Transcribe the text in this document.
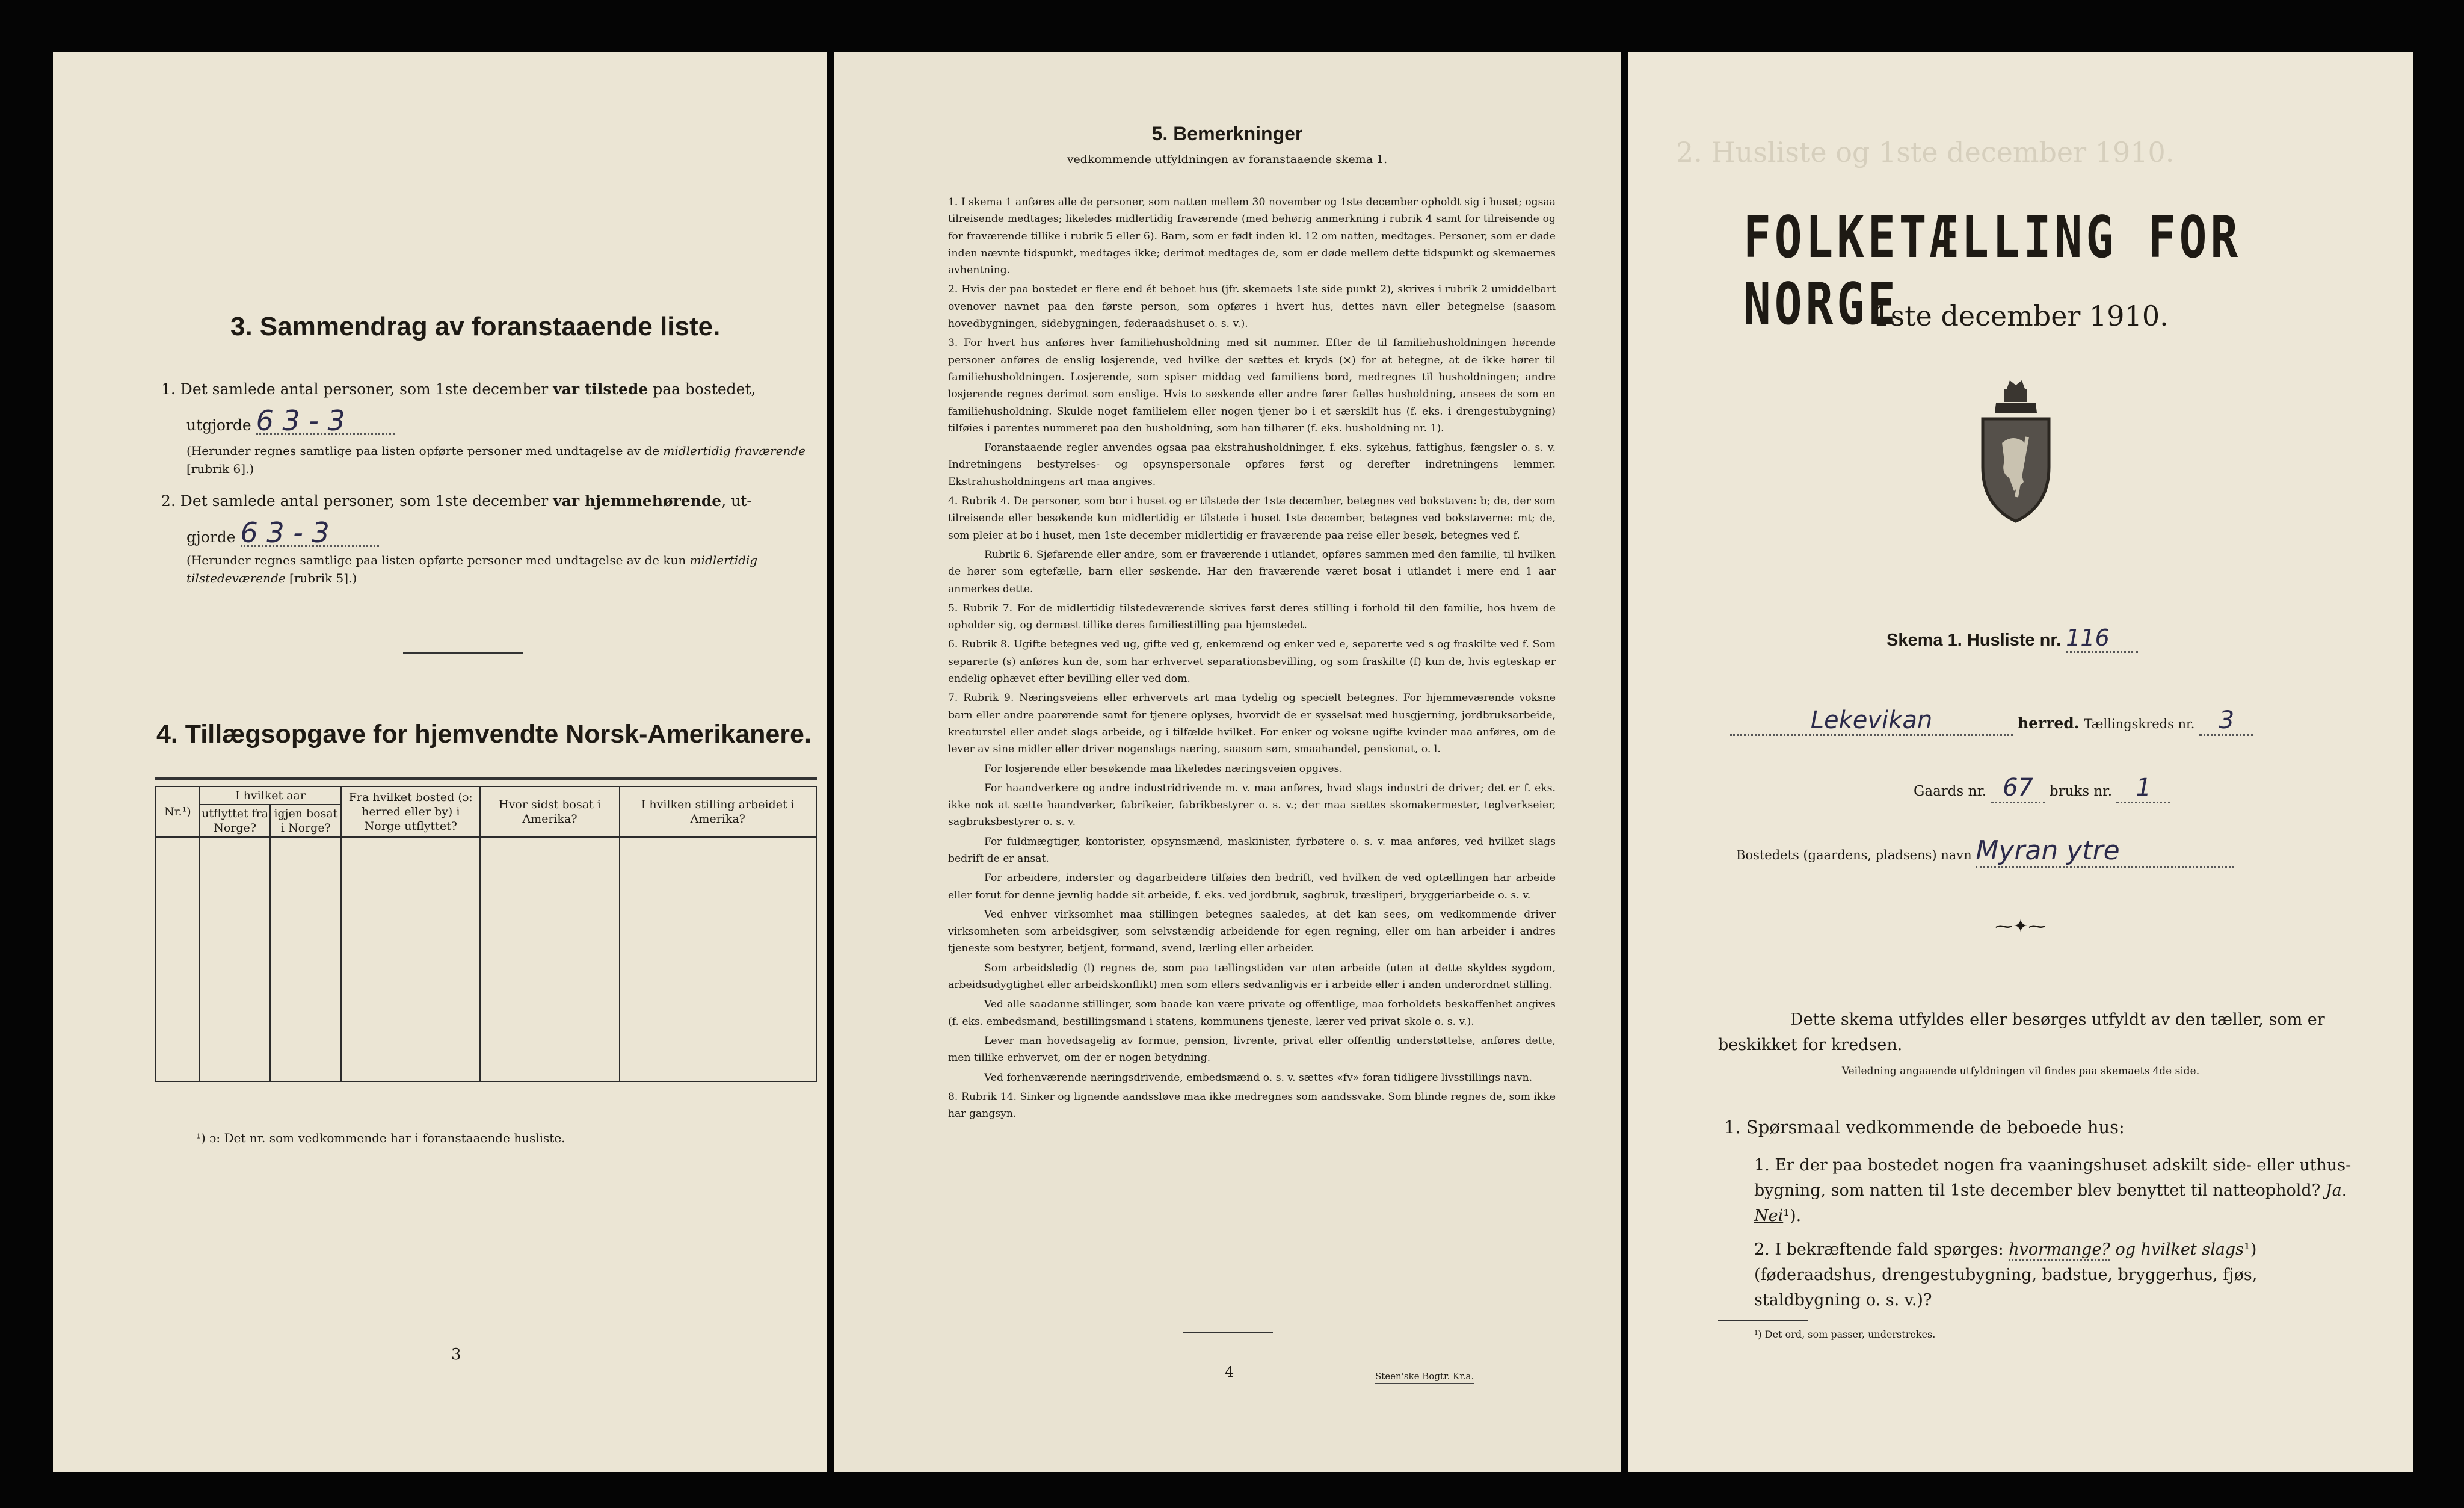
3. Sammendrag av foranstaaende liste.
1. Det samlede antal personer, som 1ste december var tilstede paa bostedet,
utgjorde 6 3 - 3
(Herunder regnes samtlige paa listen opførte personer med undtagelse av de midlertidig fraværende [rubrik 6].)
2. Det samlede antal personer, som 1ste december var hjemmehørende, ut-
gjorde 6 3 - 3
(Herunder regnes samtlige paa listen opførte personer med undtagelse av de kun midlertidig tilstedeværende [rubrik 5].)
4. Tillægsopgave for hjemvendte Norsk-Amerikanere.
Nr.¹)	I hvilket aar		Fra hvilket bosted (ɔ: herred eller by) i Norge utflyttet?	Hvor sidst bosat i Amerika?	I hvilken stilling arbeidet i Amerika?
	utflyttet fra Norge?	igjen bosat i Norge?			

¹) ɔ: Det nr. som vedkommende har i foranstaaende husliste.
3
5. Bemerkninger
vedkommende utfyldningen av foranstaaende skema 1.
1. I skema 1 anføres alle de personer, som natten mellem 30 november og 1ste december opholdt sig i huset; ogsaa tilreisende medtages; likeledes midlertidig fraværende (med behørig anmerkning i rubrik 4 samt for tilreisende og for fraværende tillike i rubrik 5 eller 6). Barn, som er født inden kl. 12 om natten, medtages. Personer, som er døde inden nævnte tidspunkt, medtages ikke; derimot medtages de, som er døde mellem dette tidspunkt og skemaernes avhentning.
2. Hvis der paa bostedet er flere end ét beboet hus (jfr. skemaets 1ste side punkt 2), skrives i rubrik 2 umiddelbart ovenover navnet paa den første person, som opføres i hvert hus, dettes navn eller betegnelse (saasom hovedbygningen, sidebygningen, føderaadshuset o. s. v.).
3. For hvert hus anføres hver familiehusholdning med sit nummer. Efter de til familiehusholdningen hørende personer anføres de enslig losjerende, ved hvilke der sættes et kryds (×) for at betegne, at de ikke hører til familiehusholdningen. Losjerende, som spiser middag ved familiens bord, medregnes til husholdningen; andre losjerende regnes derimot som enslige. Hvis to søskende eller andre fører fælles husholdning, ansees de som en familiehusholdning. Skulde noget familielem eller nogen tjener bo i et særskilt hus (f. eks. i drengestubygning) tilføies i parentes nummeret paa den husholdning, som han tilhører (f. eks. husholdning nr. 1).
Foranstaaende regler anvendes ogsaa paa ekstrahusholdninger, f. eks. sykehus, fattighus, fængsler o. s. v. Indretningens bestyrelses- og opsynspersonale opføres først og derefter indretningens lemmer. Ekstrahusholdningens art maa angives.
4. Rubrik 4. De personer, som bor i huset og er tilstede der 1ste december, betegnes ved bokstaven: b; de, der som tilreisende eller besøkende kun midlertidig er tilstede i huset 1ste december, betegnes ved bokstaverne: mt; de, som pleier at bo i huset, men 1ste december midlertidig er fraværende paa reise eller besøk, betegnes ved f.
Rubrik 6. Sjøfarende eller andre, som er fraværende i utlandet, opføres sammen med den familie, til hvilken de hører som egtefælle, barn eller søskende. Har den fraværende været bosat i utlandet i mere end 1 aar anmerkes dette.
5. Rubrik 7. For de midlertidig tilstedeværende skrives først deres stilling i forhold til den familie, hos hvem de opholder sig, og dernæst tillike deres familiestilling paa hjemstedet.
6. Rubrik 8. Ugifte betegnes ved ug, gifte ved g, enkemænd og enker ved e, separerte ved s og fraskilte ved f. Som separerte (s) anføres kun de, som har erhvervet separationsbevilling, og som fraskilte (f) kun de, hvis egteskap er endelig ophævet efter bevilling eller ved dom.
7. Rubrik 9. Næringsveiens eller erhvervets art maa tydelig og specielt betegnes. For hjemmeværende voksne barn eller andre paarørende samt for tjenere oplyses, hvorvidt de er sysselsat med husgjerning, jordbruksarbeide, kreaturstel eller andet slags arbeide, og i tilfælde hvilket. For enker og voksne ugifte kvinder maa anføres, om de lever av sine midler eller driver nogenslags næring, saasom søm, smaahandel, pensionat, o. l.
For losjerende eller besøkende maa likeledes næringsveien opgives.
For haandverkere og andre industridrivende m. v. maa anføres, hvad slags industri de driver; det er f. eks. ikke nok at sætte haandverker, fabrikeier, fabrikbestyrer o. s. v.; der maa sættes skomakermester, teglverkseier, sagbruksbestyrer o. s. v.
For fuldmægtiger, kontorister, opsynsmænd, maskinister, fyrbøtere o. s. v. maa anføres, ved hvilket slags bedrift de er ansat.
For arbeidere, inderster og dagarbeidere tilføies den bedrift, ved hvilken de ved optællingen har arbeide eller forut for denne jevnlig hadde sit arbeide, f. eks. ved jordbruk, sagbruk, træsliperi, bryggeriarbeide o. s. v.
Ved enhver virksomhet maa stillingen betegnes saaledes, at det kan sees, om vedkommende driver virksomheten som arbeidsgiver, som selvstændig arbeidende for egen regning, eller om han arbeider i andres tjeneste som bestyrer, betjent, formand, svend, lærling eller arbeider.
Som arbeidsledig (l) regnes de, som paa tællingstiden var uten arbeide (uten at dette skyldes sygdom, arbeidsudygtighet eller arbeidskonflikt) men som ellers sedvanligvis er i arbeide eller i anden underordnet stilling.
Ved alle saadanne stillinger, som baade kan være private og offentlige, maa forholdets beskaffenhet angives (f. eks. embedsmand, bestillingsmand i statens, kommunens tjeneste, lærer ved privat skole o. s. v.).
Lever man hovedsagelig av formue, pension, livrente, privat eller offentlig understøttelse, anføres dette, men tillike erhvervet, om der er nogen betydning.
Ved forhenværende næringsdrivende, embedsmænd o. s. v. sættes «fv» foran tidligere livsstillings navn.
8. Rubrik 14. Sinker og lignende aandssløve maa ikke medregnes som aandssvake. Som blinde regnes de, som ikke har gangsyn.
4	Steen'ske Bogtr. Kr.a.
2. Husliste og 1ste december 1910.
FOLKETÆLLING FOR NORGE
1ste december 1910.
Skema 1. Husliste nr. 116
Lekevikan	herred. Tællingskreds nr. 3
Gaards nr. 67 bruks nr. 1
Bostedets (gaardens, pladsens) navn Myran ytre
⁓✦⁓
Dette skema utfyldes eller besørges utfyldt av den tæller, som er beskikket for kredsen.
Veiledning angaaende utfyldningen vil findes paa skemaets 4de side.
1. Spørsmaal vedkommende de beboede hus:
1. Er der paa bostedet nogen fra vaaningshuset adskilt side- eller uthus-bygning, som natten til 1ste december blev benyttet til natteophold? Ja. Nei¹).
2. I bekræftende fald spørges: hvormange? og hvilket slags¹) (føderaadshus, drengestubygning, badstue, bryggerhus, fjøs, staldbygning o. s. v.)?
¹) Det ord, som passer, understrekes.
